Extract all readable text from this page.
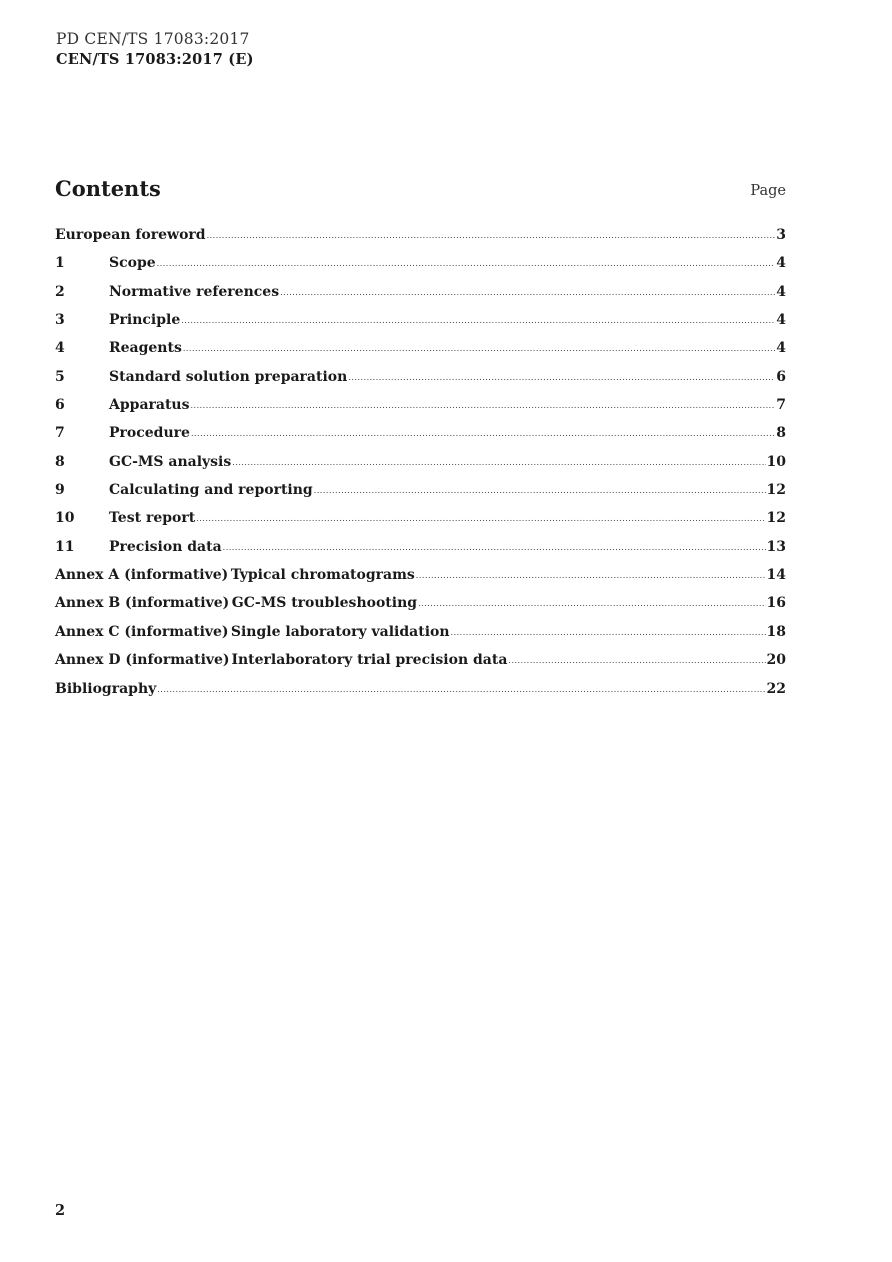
PD CEN/TS 17083:2017
CEN/TS 17083:2017 (E)
Contents	Page
European foreword .....	3
1	Scope .....	4
2	Normative references .....	4
3	Principle .....	4
4	Reagents .....	4
5	Standard solution preparation .....	6
6	Apparatus .....	7
7	Procedure .....	8
8	GC-MS analysis .....	10
9	Calculating and reporting .....	12
10	Test report .....	12
11	Precision data .....	13
Annex A (informative) Typical chromatograms .....	14
Annex B (informative) GC-MS troubleshooting .....	16
Annex C (informative) Single laboratory validation .....	18
Annex D (informative) Interlaboratory trial precision data .....	20
Bibliography .....	22
2
